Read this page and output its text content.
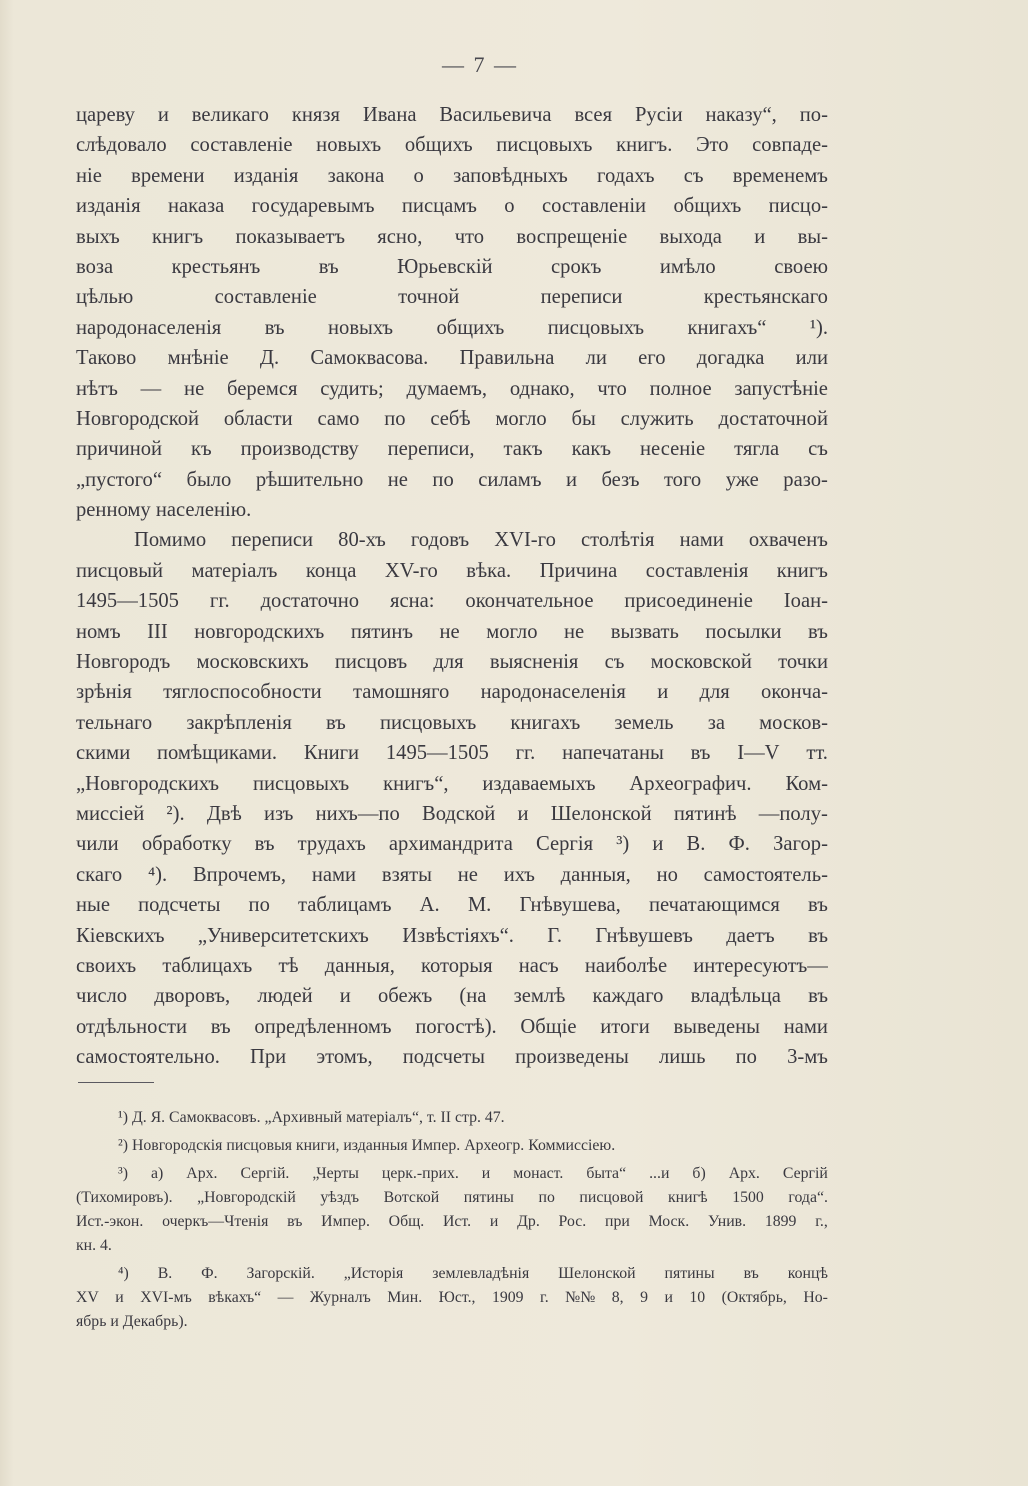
— 7 —
цареву и великаго князя Ивана Васильевича всея Русіи наказу“, по-
слѣдовало составленіе новыхъ общихъ писцовыхъ книгъ. Это совпаде-
ніе времени изданія закона о заповѣдныхъ годахъ съ временемъ
изданія наказа государевымъ писцамъ о составленіи общихъ писцо-
выхъ книгъ показываетъ ясно, что воспрещеніе выхода и вы-
воза	крестьянъ	въ	Юрьевскій	срокъ	имѣло	своею
цѣлью	составленіе	точной	переписи	крестьянскаго
народонаселенія въ новыхъ общихъ писцовыхъ книгахъ“ ¹).
Таково мнѣніе Д. Самоквасова. Правильна ли его догадка или
нѣтъ — не беремся судить; думаемъ, однако, что полное запустѣніе
Новгородской области само по себѣ могло бы служить достаточной
причиной къ производству переписи, такъ какъ несеніе тягла съ
„пустого“ было рѣшительно не по силамъ и безъ того уже разо-
ренному населенію.
Помимо переписи 80-хъ годовъ XVI-го столѣтія нами охваченъ
писцовый матеріалъ конца XV-го вѣка. Причина составленія книгъ
1495—1505 гг. достаточно ясна: окончательное присоединеніе Іоан-
номъ III новгородскихъ пятинъ не могло не вызвать посылки въ
Новгородъ московскихъ писцовъ для выясненія съ московской точки
зрѣнія тяглоспособности тамошняго народонаселенія и для оконча-
тельнаго закрѣпленія въ писцовыхъ книгахъ земель за москов-
скими помѣщиками. Книги 1495—1505 гг. напечатаны въ I—V тт.
„Новгородскихъ писцовыхъ книгъ“, издаваемыхъ Археографич. Ком-
миссіей ²). Двѣ изъ нихъ—по Водской и Шелонской пятинѣ —полу-
чили обработку въ трудахъ архимандрита Сергія ³) и В. Ф. Загор-
скаго ⁴). Впрочемъ, нами взяты не ихъ данныя, но самостоятель-
ные подсчеты по таблицамъ А. М. Гнѣвушева, печатающимся въ
Кіевскихъ „Университетскихъ Извѣстіяхъ“. Г. Гнѣвушевъ даетъ въ
своихъ таблицахъ тѣ данныя, которыя насъ наиболѣе интересуютъ—
число дворовъ, людей и обежъ (на землѣ каждаго владѣльца въ
отдѣльности въ опредѣленномъ погостѣ). Общіе итоги выведены нами
самостоятельно. При этомъ, подсчеты произведены лишь по 3-мъ
¹) Д. Я. Самоквасовъ. „Архивный матеріалъ“, т. II стр. 47.
²) Новгородскія писцовыя книги, изданныя Импер. Археогр. Коммиссіею.
³) а) Арх. Сергій. „Черты церк.-прих. и монаст. быта“ ...и б) Арх. Сергій
(Тихомировъ). „Новгородскій уѣздъ Вотской пятины по писцовой книгѣ 1500 года“.
Ист.-экон. очеркъ—Чтенія въ Импер. Общ. Ист. и Др. Рос. при Моск. Унив. 1899 г.,
кн. 4.
⁴) В. Ф. Загорскій. „Исторія землевладѣнія Шелонской пятины въ концѣ
XV и XVI-мъ вѣкахъ“ — Журналъ Мин. Юст., 1909 г. №№ 8, 9 и 10 (Октябрь, Но-
ябрь и Декабрь).
